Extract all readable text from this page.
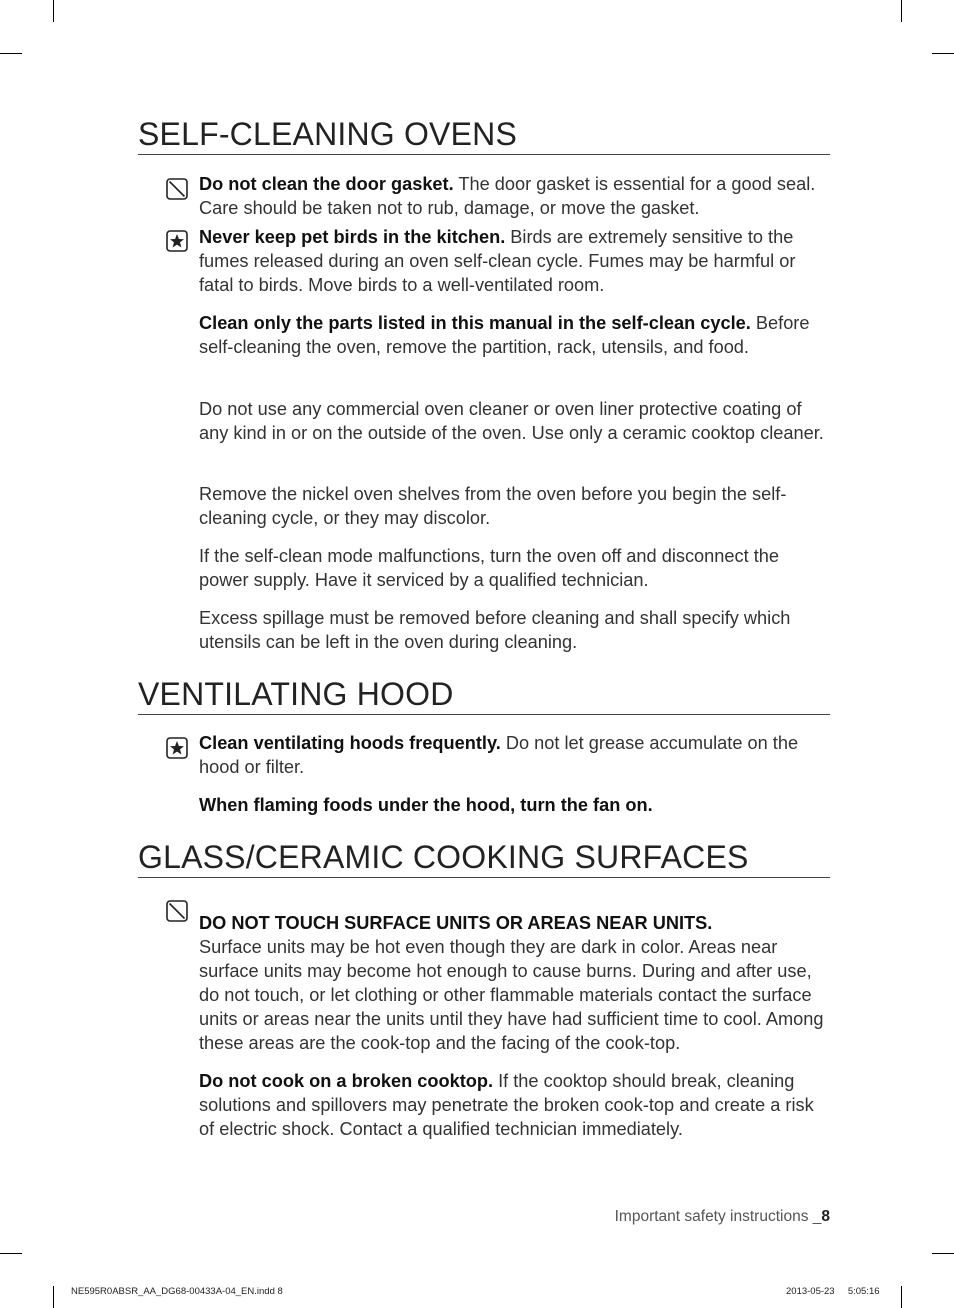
SELF-CLEANING OVENS
Do not clean the door gasket. The door gasket is essential for a good seal. Care should be taken not to rub, damage, or move the gasket.
Never keep pet birds in the kitchen. Birds are extremely sensitive to the fumes released during an oven self-clean cycle. Fumes may be harmful or fatal to birds. Move birds to a well-ventilated room.
Clean only the parts listed in this manual in the self-clean cycle. Before self-cleaning the oven, remove the partition, rack, utensils, and food.
Do not use any commercial oven cleaner or oven liner protective coating of any kind in or on the outside of the oven. Use only a ceramic cooktop cleaner.
Remove the nickel oven shelves from the oven before you begin the self-cleaning cycle, or they may discolor.
If the self-clean mode malfunctions, turn the oven off and disconnect the power supply. Have it serviced by a qualified technician.
Excess spillage must be removed before cleaning and shall specify which utensils can be left in the oven during cleaning.
VENTILATING HOOD
Clean ventilating hoods frequently. Do not let grease accumulate on the hood or filter.
When flaming foods under the hood, turn the fan on.
GLASS/CERAMIC COOKING SURFACES
DO NOT TOUCH SURFACE UNITS OR AREAS NEAR UNITS.
Surface units may be hot even though they are dark in color. Areas near surface units may become hot enough to cause burns. During and after use, do not touch, or let clothing or other flammable materials contact the surface units or areas near the units until they have had sufficient time to cool. Among these areas are the cook-top and the facing of the cook-top.
Do not cook on a broken cooktop. If the cooktop should break, cleaning solutions and spillovers may penetrate the broken cook-top and create a risk of electric shock. Contact a qualified technician immediately.
Important safety instructions _8
NE595R0ABSR_AA_DG68-00433A-04_EN.indd 8	2013-05-23 5:05:16
